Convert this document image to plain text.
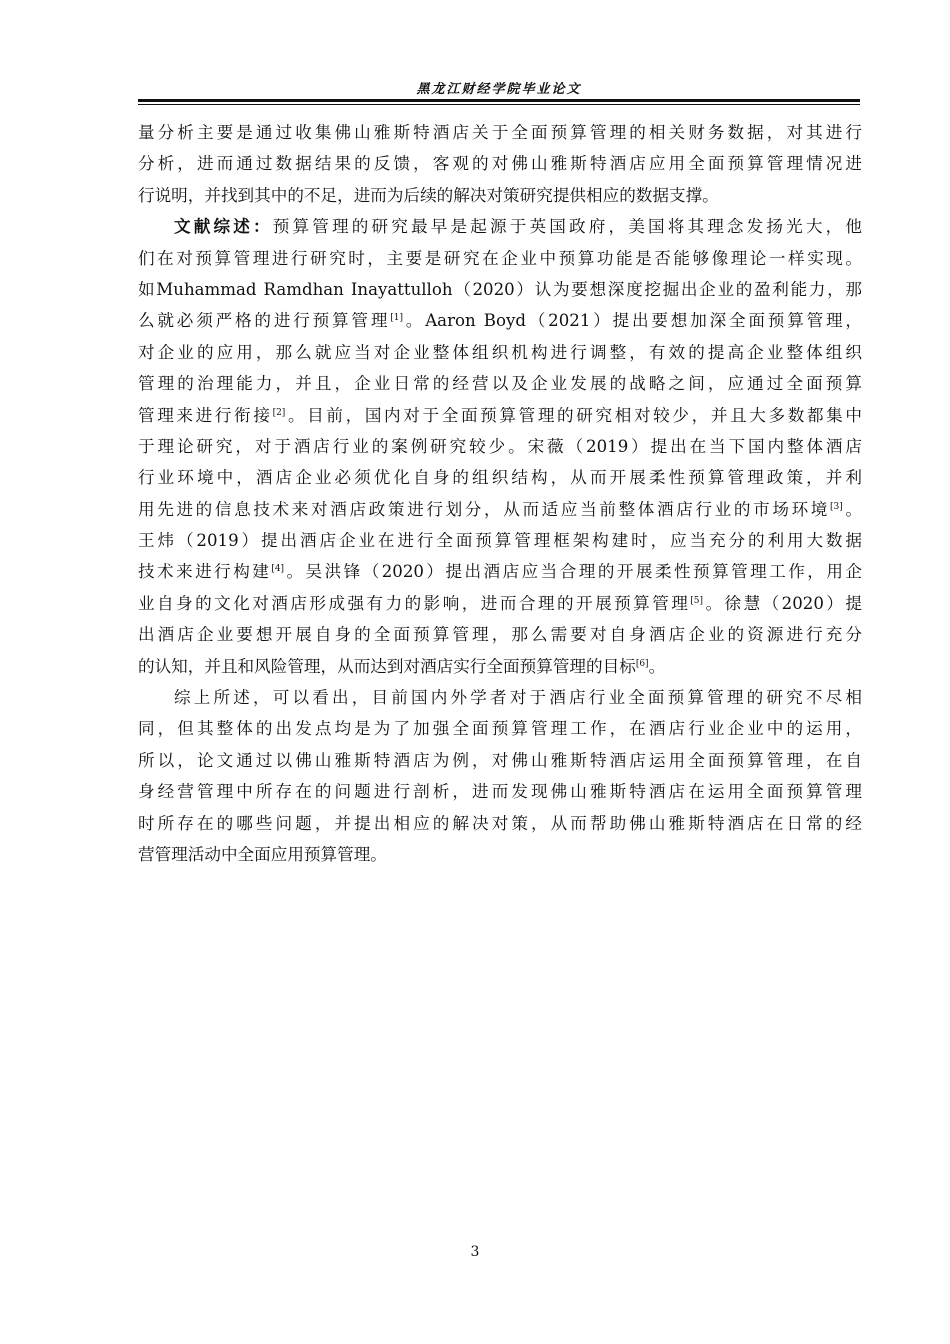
黑龙江财经学院毕业论文
量分析主要是通过收集佛山雅斯特酒店关于全面预算管理的相关财务数据，对其进行
分析，进而通过数据结果的反馈，客观的对佛山雅斯特酒店应用全面预算管理情况进
行说明，并找到其中的不足，进而为后续的解决对策研究提供相应的数据支撑。
文献综述：预算管理的研究最早是起源于英国政府，美国将其理念发扬光大，他
们在对预算管理进行研究时，主要是研究在企业中预算功能是否能够像理论一样实现。
如Muhammad Ramdhan Inayattulloh（2020）认为要想深度挖掘出企业的盈利能力，那
么就必须严格的进行预算管理[1]。Aaron Boyd（2021）提出要想加深全面预算管理，
对企业的应用，那么就应当对企业整体组织机构进行调整，有效的提高企业整体组织
管理的治理能力，并且，企业日常的经营以及企业发展的战略之间，应通过全面预算
管理来进行衔接[2]。目前，国内对于全面预算管理的研究相对较少，并且大多数都集中
于理论研究，对于酒店行业的案例研究较少。宋薇（2019）提出在当下国内整体酒店
行业环境中，酒店企业必须优化自身的组织结构，从而开展柔性预算管理政策，并利
用先进的信息技术来对酒店政策进行划分，从而适应当前整体酒店行业的市场环境[3]。
王炜（2019）提出酒店企业在进行全面预算管理框架构建时，应当充分的利用大数据
技术来进行构建[4]。吴洪锋（2020）提出酒店应当合理的开展柔性预算管理工作，用企
业自身的文化对酒店形成强有力的影响，进而合理的开展预算管理[5]。徐慧（2020）提
出酒店企业要想开展自身的全面预算管理，那么需要对自身酒店企业的资源进行充分
的认知，并且和风险管理，从而达到对酒店实行全面预算管理的目标[6]。
综上所述，可以看出，目前国内外学者对于酒店行业全面预算管理的研究不尽相
同，但其整体的出发点均是为了加强全面预算管理工作，在酒店行业企业中的运用，
所以，论文通过以佛山雅斯特酒店为例，对佛山雅斯特酒店运用全面预算管理，在自
身经营管理中所存在的问题进行剖析，进而发现佛山雅斯特酒店在运用全面预算管理
时所存在的哪些问题，并提出相应的解决对策，从而帮助佛山雅斯特酒店在日常的经
营管理活动中全面应用预算管理。
3
